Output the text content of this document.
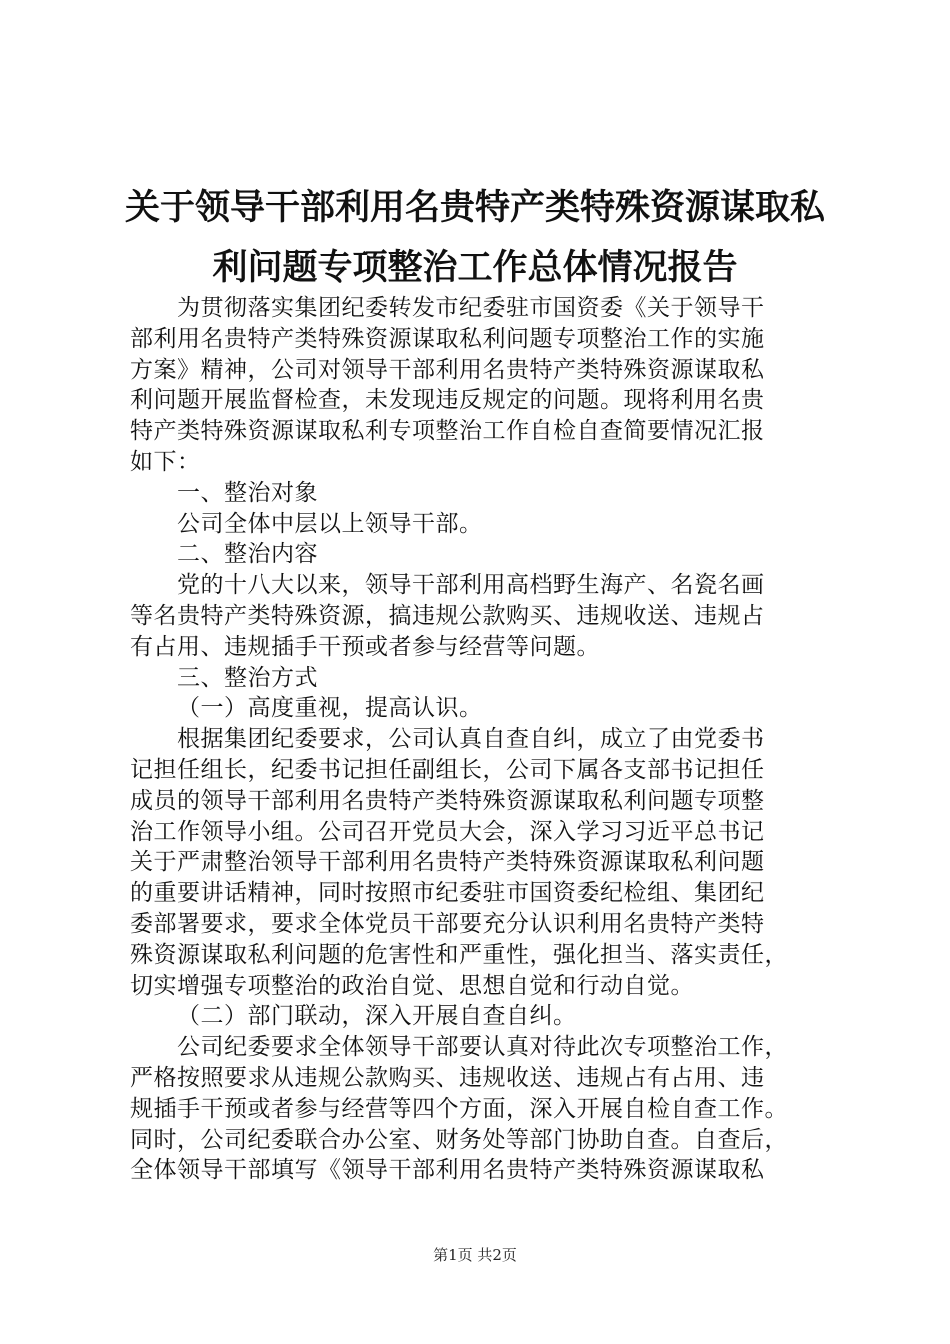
关于领导干部利用名贵特产类特殊资源谋取私
利问题专项整治工作总体情况报告
为贯彻落实集团纪委转发市纪委驻市国资委《关于领导干
部利用名贵特产类特殊资源谋取私利问题专项整治工作的实施
方案》精神，公司对领导干部利用名贵特产类特殊资源谋取私
利问题开展监督检查，未发现违反规定的问题。现将利用名贵
特产类特殊资源谋取私利专项整治工作自检自查简要情况汇报
如下：
一、整治对象
公司全体中层以上领导干部。
二、整治内容
党的十八大以来，领导干部利用高档野生海产、名瓷名画
等名贵特产类特殊资源，搞违规公款购买、违规收送、违规占
有占用、违规插手干预或者参与经营等问题。
三、整治方式
（一）高度重视，提高认识。
根据集团纪委要求，公司认真自查自纠，成立了由党委书
记担任组长，纪委书记担任副组长，公司下属各支部书记担任
成员的领导干部利用名贵特产类特殊资源谋取私利问题专项整
治工作领导小组。公司召开党员大会，深入学习习近平总书记
关于严肃整治领导干部利用名贵特产类特殊资源谋取私利问题
的重要讲话精神，同时按照市纪委驻市国资委纪检组、集团纪
委部署要求，要求全体党员干部要充分认识利用名贵特产类特
殊资源谋取私利问题的危害性和严重性，强化担当、落实责任，
切实增强专项整治的政治自觉、思想自觉和行动自觉。
（二）部门联动，深入开展自查自纠。
公司纪委要求全体领导干部要认真对待此次专项整治工作，
严格按照要求从违规公款购买、违规收送、违规占有占用、违
规插手干预或者参与经营等四个方面，深入开展自检自查工作。
同时，公司纪委联合办公室、财务处等部门协助自查。自查后，
全体领导干部填写《领导干部利用名贵特产类特殊资源谋取私
第1页 共2页
